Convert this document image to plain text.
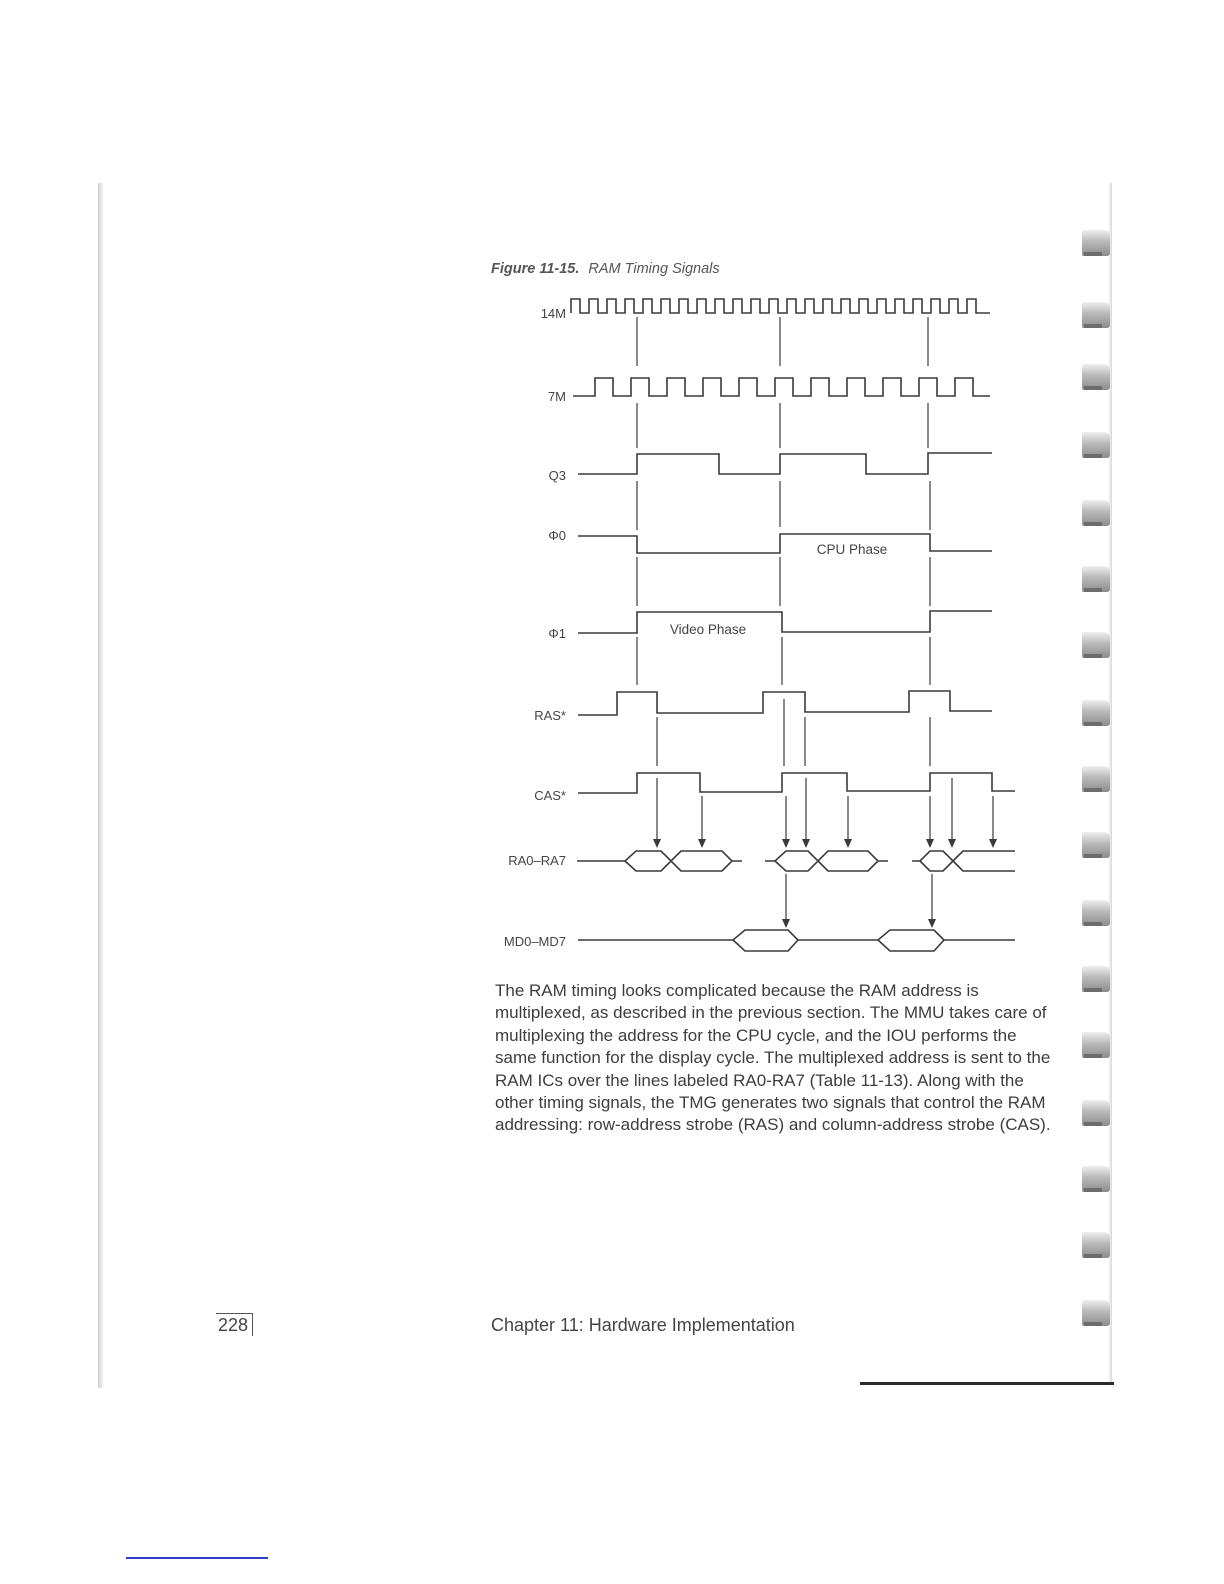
Figure 11-15. RAM Timing Signals
14M
7M
Q3
Φ0
Φ1
RAS*
CAS*
RA0–RA7
MD0–MD7
CPU Phase
Video Phase

The RAM timing looks complicated because the RAM address is multiplexed, as described in the previous section. The MMU takes care of multiplexing the address for the CPU cycle, and the IOU performs the same function for the display cycle. The multiplexed address is sent to the RAM ICs over the lines labeled RA0-RA7 (Table 11-13). Along with the other timing signals, the TMG generates two signals that control the RAM addressing: row-address strobe (RAS) and column-address strobe (CAS).

228	Chapter 11: Hardware Implementation
